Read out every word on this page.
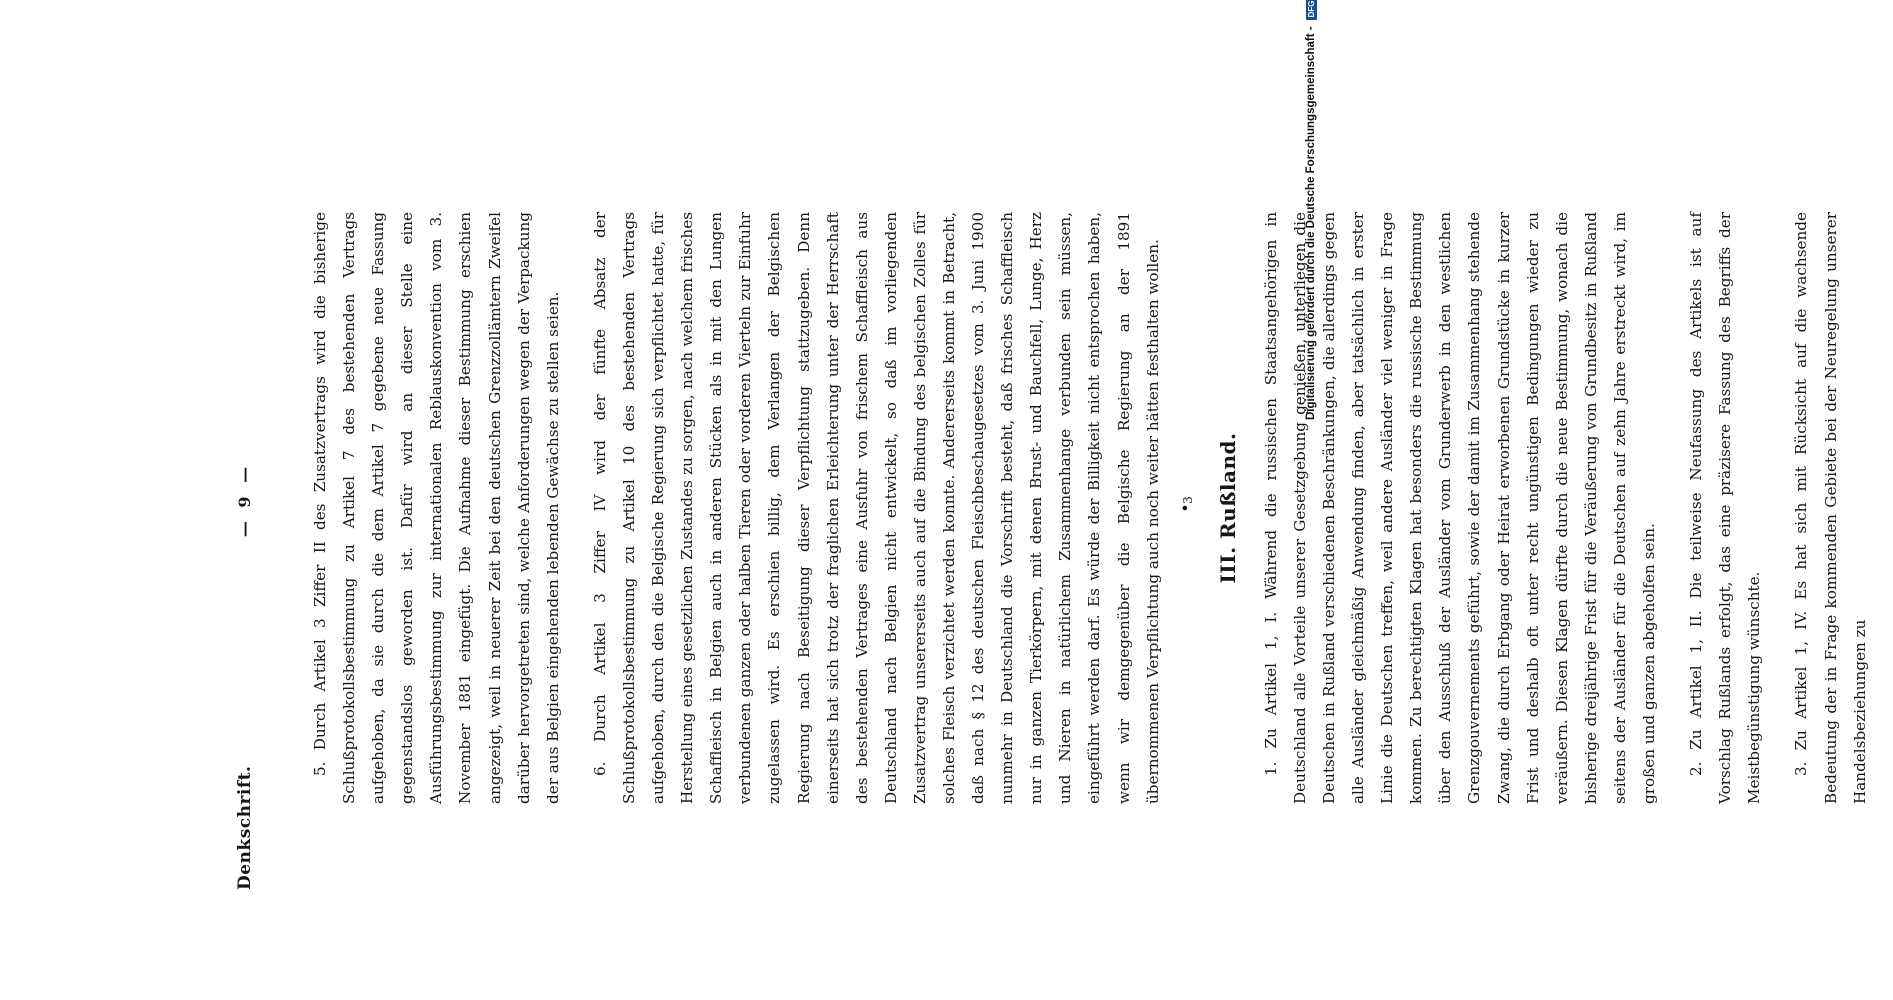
Denkschrift.
— 9 —	5. Durch Artikel 3 Ziffer II des Zusatzvertrags wird die bisherige Schlußprotokollsbestimmung zu Artikel 7 des bestehenden Vertrags aufgehoben, da sie durch die dem Artikel 7 gegebene neue Fassung gegenstandslos geworden ist. Dafür wird an dieser Stelle eine Ausführungsbestimmung zur internationalen Reblauskonvention vom 3. November 1881 eingefügt. Die Aufnahme dieser Bestimmung erschien angezeigt, weil in neuerer Zeit bei den deutschen Grenzzollämtern Zweifel darüber hervorgetreten sind, welche Anforderungen wegen der Verpackung der aus Belgien eingehenden lebenden Gewächse zu stellen seien.	6. Durch Artikel 3 Ziffer IV wird der fünfte Absatz der Schlußprotokollsbestimmung zu Artikel 10 des bestehenden Vertrags aufgehoben, durch den die Belgische Regierung sich verpflichtet hatte, für Herstellung eines gesetzlichen Zustandes zu sorgen, nach welchem frisches Schaffleisch in Belgien auch in anderen Stücken als in mit den Lungen verbundenen ganzen oder halben Tieren oder vorderen Vierteln zur Einfuhr zugelassen wird. Es erschien billig, dem Verlangen der Belgischen Regierung nach Beseitigung dieser Verpflichtung stattzugeben. Denn einerseits hat sich trotz der fraglichen Erleichterung unter der Herrschaft des bestehenden Vertrages eine Ausfuhr von frischem Schaffleisch aus Deutschland nach Belgien nicht entwickelt, so daß im vorliegenden Zusatzvertrag unsererseits auch auf die Bindung des belgischen Zolles für solches Fleisch verzichtet werden konnte. Andererseits kommt in Betracht, daß nach § 12 des deutschen Fleischbeschaugesetzes vom 3. Juni 1900 nunmehr in Deutschland die Vorschrift besteht, daß frisches Schaffleisch nur in ganzen Tierkörpern, mit denen Brust- und Bauchfell, Lunge, Herz und Nieren in natürlichem Zusammenhange verbunden sein müssen, eingeführt werden darf. Es würde der Billigkeit nicht entsprochen haben, wenn wir demgegenüber die Belgische Regierung an der 1891 übernommenen Verpflichtung auch noch weiter hätten festhalten wollen. • III. Rußland.	1. Zu Artikel 1, I. Während die russischen Staatsangehörigen in Deutschland alle Vorteile unserer Gesetzgebung genießen, unterliegen die Deutschen in Rußland verschiedenen Beschränkungen, die allerdings gegen alle Ausländer gleichmäßig Anwendung finden, aber tatsächlich in erster Linie die Deutschen treffen, weil andere Ausländer viel weniger in Frage kommen. Zu berechtigten Klagen hat besonders die russische Bestimmung über den Ausschluß der Ausländer vom Grunderwerb in den westlichen Grenzgouvernements geführt, sowie der damit im Zusammenhang stehende Zwang, die durch Erbgang oder Heirat erworbenen Grundstücke in kurzer Frist und deshalb oft unter recht ungünstigen Bedingungen wieder zu veräußern. Diesen Klagen dürfte durch die neue Bestimmung, wonach die bisherige dreijährige Frist für die Veräußerung von Grundbesitz in Rußland seitens der Ausländer für die Deutschen auf zehn Jahre erstreckt wird, im großen und ganzen abgeholfen sein.	2. Zu Artikel 1, II. Die teilweise Neufassung des Artikels ist auf Vorschlag Rußlands erfolgt, das eine präzisere Fassung des Begriffs der Meistbegünstigung wünschte.	3. Zu Artikel 1, IV. Es hat sich mit Rücksicht auf die wachsende Bedeutung der in Frage kommenden Gebiete bei der Neuregelung unserer Handelsbeziehungen zu

3
Digitalisierung gefördert durch die Deutsche Forschungsgemeinschaft -
DFG
